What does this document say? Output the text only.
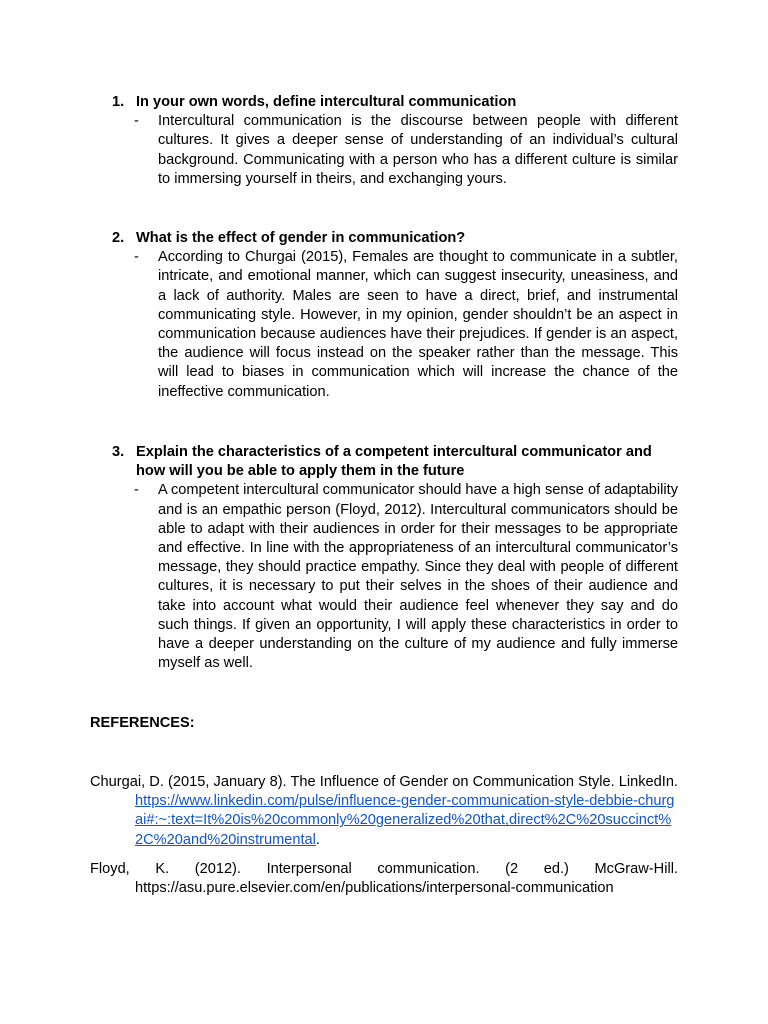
1. In your own words, define intercultural communication
-	Intercultural communication is the discourse between people with different cultures. It gives a deeper sense of understanding of an individual’s cultural background. Communicating with a person who has a different culture is similar to immersing yourself in theirs, and exchanging yours.
2. What is the effect of gender in communication?
-	According to Churgai (2015), Females are thought to communicate in a subtler, intricate, and emotional manner, which can suggest insecurity, uneasiness, and a lack of authority. Males are seen to have a direct, brief, and instrumental communicating style. However, in my opinion, gender shouldn’t be an aspect in communication because audiences have their prejudices. If gender is an aspect, the audience will focus instead on the speaker rather than the message. This will lead to biases in communication which will increase the chance of the ineffective communication.
3. Explain the characteristics of a competent intercultural communicator and how will you be able to apply them in the future
-	A competent intercultural communicator should have a high sense of adaptability and is an empathic person (Floyd, 2012). Intercultural communicators should be able to adapt with their audiences in order for their messages to be appropriate and effective. In line with the appropriateness of an intercultural communicator’s message, they should practice empathy. Since they deal with people of different cultures, it is necessary to put their selves in the shoes of their audience and take into account what would their audience feel whenever they say and do such things. If given an opportunity, I will apply these characteristics in order to have a deeper understanding on the culture of my audience and fully immerse myself as well.
REFERENCES:
Churgai, D. (2015, January 8). The Influence of Gender on Communication Style. LinkedIn. https://www.linkedin.com/pulse/influence-gender-communication-style-debbie-churgai#:~:text=It%20is%20commonly%20generalized%20that,direct%2C%20succinct%2C%20and%20instrumental.
Floyd, K. (2012). Interpersonal communication. (2 ed.) McGraw-Hill. https://asu.pure.elsevier.com/en/publications/interpersonal-communication
